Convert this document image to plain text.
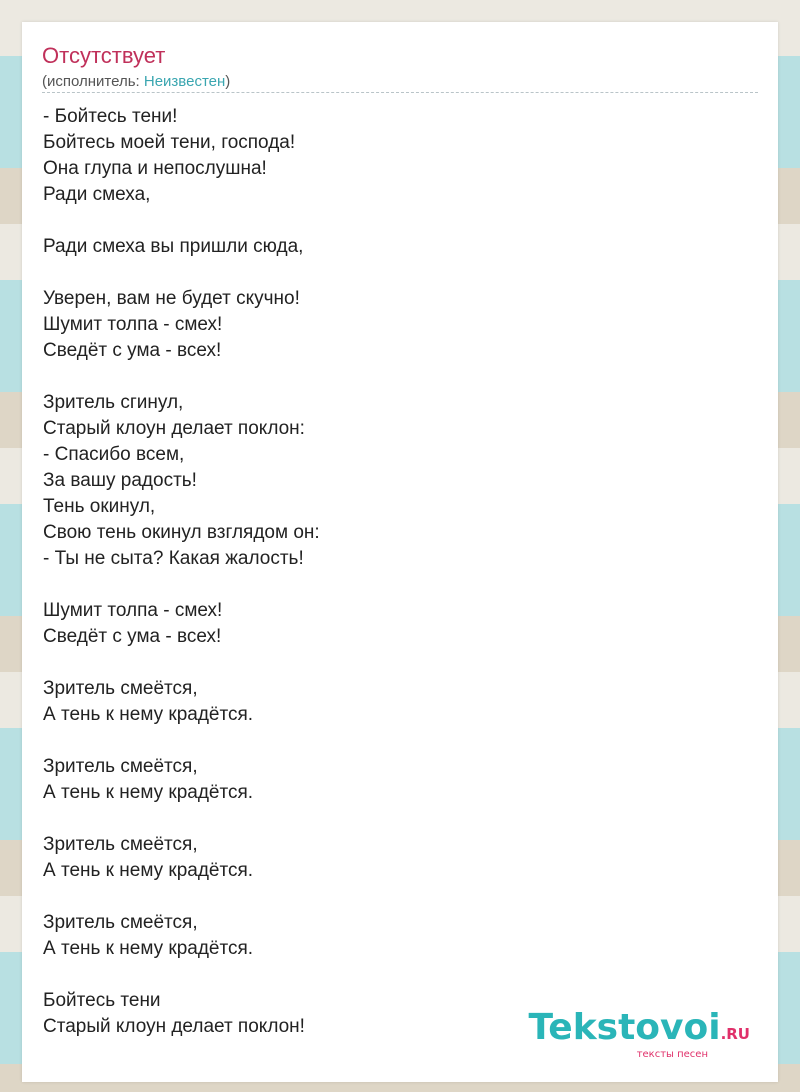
Отсутствует
(исполнитель: Неизвестен)
- Бойтесь тени!
Бойтесь моей тени, господа!
Она глупа и непослушна!
Ради смеха,
Ради смеха вы пришли сюда,
Уверен, вам не будет скучно!
Шумит толпа - смех!
Сведёт с ума - всех!
Зритель сгинул,
Старый клоун делает поклон:
- Спасибо всем,
За вашу радость!
Тень окинул,
Свою тень окинул взглядом он:
- Ты не сыта? Какая жалость!
Шумит толпа - смех!
Сведёт с ума - всех!
Зритель смеётся,
А тень к нему крадётся.
Зритель смеётся,
А тень к нему крадётся.
Зритель смеётся,
А тень к нему крадётся.
Зритель смеётся,
А тень к нему крадётся.
Бойтесь тени
Старый клоун делает поклон!	Tekstovoi.RU
тексты песен
